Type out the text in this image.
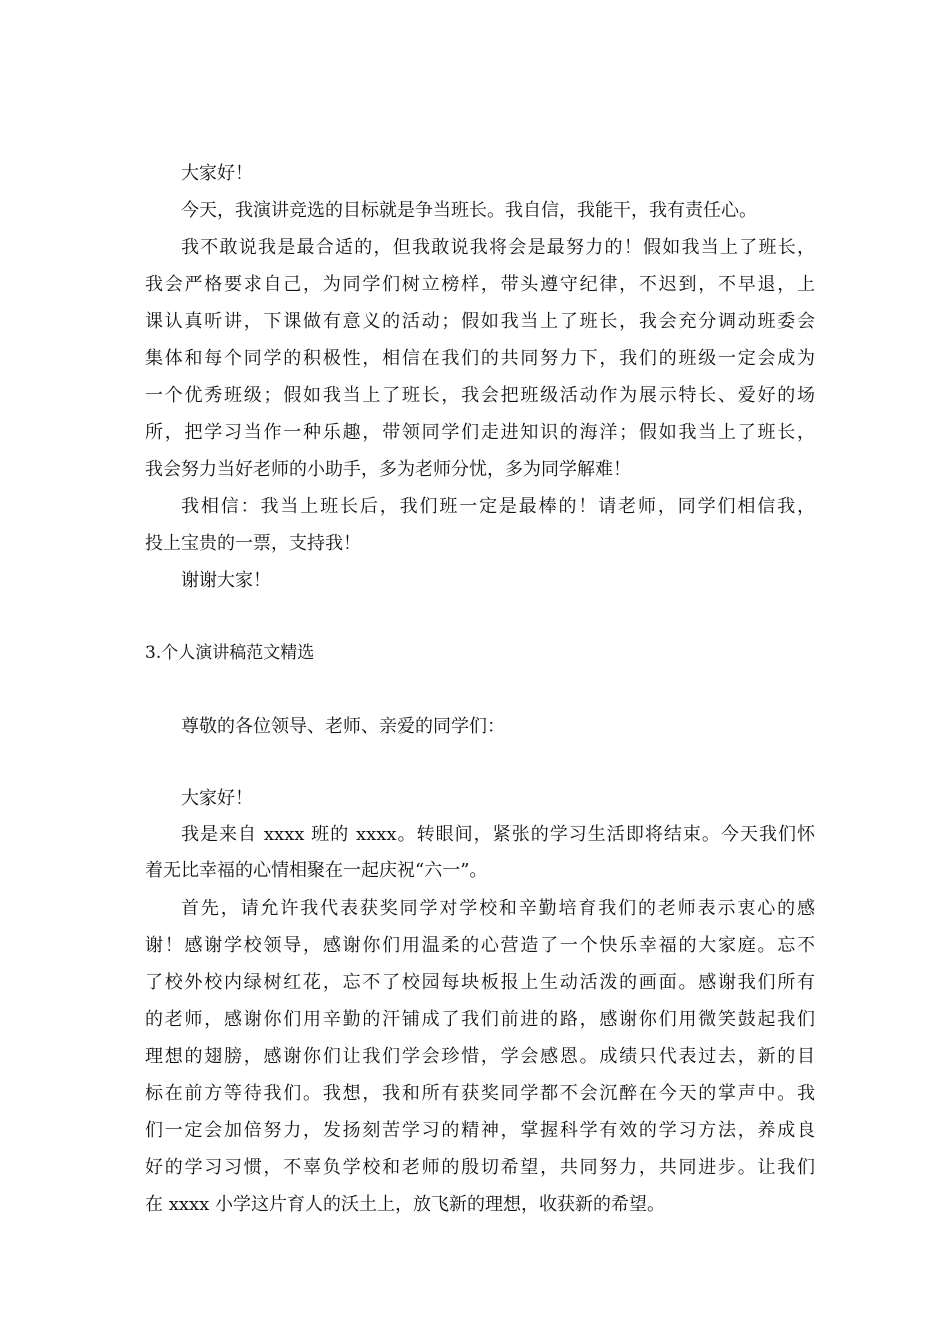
大家好！
今天，我演讲竞选的目标就是争当班长。我自信，我能干，我有责任心。
我不敢说我是最合适的，但我敢说我将会是最努力的！假如我当上了班长，
我会严格要求自己，为同学们树立榜样，带头遵守纪律，不迟到，不早退，上
课认真听讲，下课做有意义的活动；假如我当上了班长，我会充分调动班委会
集体和每个同学的积极性，相信在我们的共同努力下，我们的班级一定会成为
一个优秀班级；假如我当上了班长，我会把班级活动作为展示特长、爱好的场
所，把学习当作一种乐趣，带领同学们走进知识的海洋；假如我当上了班长，
我会努力当好老师的小助手，多为老师分忧，多为同学解难！
我相信：我当上班长后，我们班一定是最棒的！请老师，同学们相信我，
投上宝贵的一票，支持我！
谢谢大家！
3.个人演讲稿范文精选
尊敬的各位领导、老师、亲爱的同学们：
大家好！
我是来自 xxxx 班的 xxxx。转眼间，紧张的学习生活即将结束。今天我们怀
着无比幸福的心情相聚在一起庆祝“六一”。
首先，请允许我代表获奖同学对学校和辛勤培育我们的老师表示衷心的感
谢！感谢学校领导，感谢你们用温柔的心营造了一个快乐幸福的大家庭。忘不
了校外校内绿树红花，忘不了校园每块板报上生动活泼的画面。感谢我们所有
的老师，感谢你们用辛勤的汗铺成了我们前进的路，感谢你们用微笑鼓起我们
理想的翅膀，感谢你们让我们学会珍惜，学会感恩。成绩只代表过去，新的目
标在前方等待我们。我想，我和所有获奖同学都不会沉醉在今天的掌声中。我
们一定会加倍努力，发扬刻苦学习的精神，掌握科学有效的学习方法，养成良
好的学习习惯，不辜负学校和老师的殷切希望，共同努力，共同进步。让我们
在 xxxx 小学这片育人的沃土上，放飞新的理想，收获新的希望。
